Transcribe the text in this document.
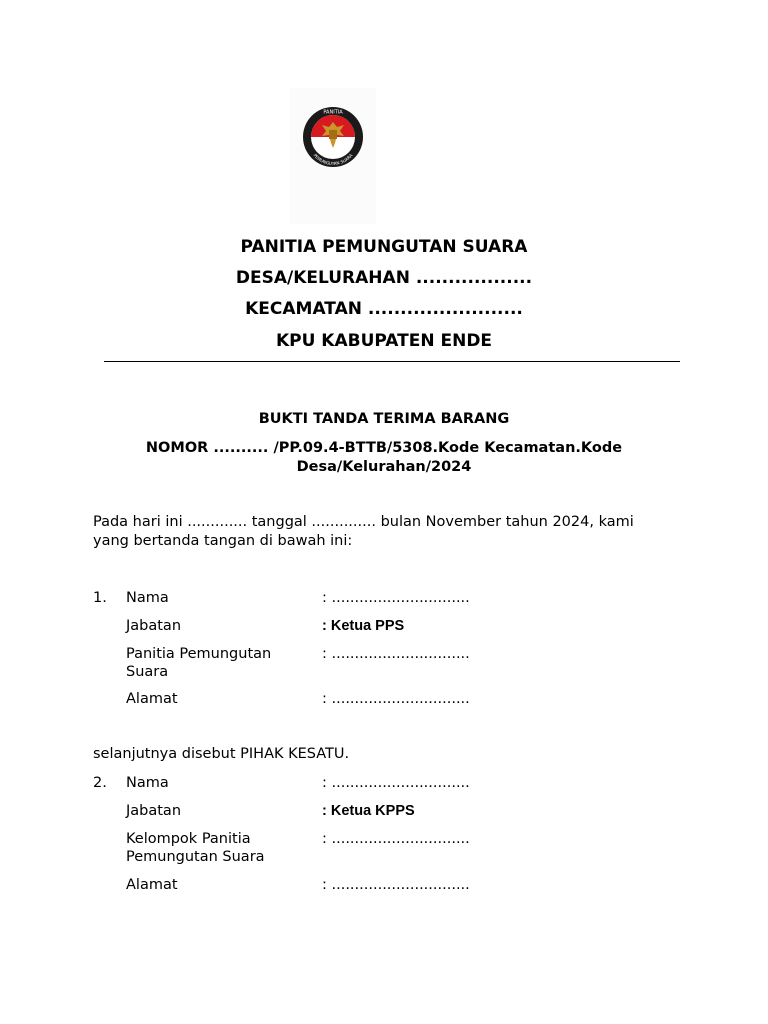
PANITIA
PEMUNGUTAN SUARA
PANITIA PEMUNGUTAN SUARA
DESA/KELURAHAN ..................
KECAMATAN ........................
KPU KABUPATEN ENDE
BUKTI TANDA TERIMA BARANG
NOMOR .......... /PP.09.4-BTTB/5308.Kode Kecamatan.Kode Desa/Kelurahan/2024
Pada hari ini ............. tanggal .............. bulan November tahun 2024, kami yang bertanda tangan di bawah ini:
1. Nama	: ..............................
Jabatan	: Ketua PPS
Panitia Pemungutan Suara
: ..............................
Alamat	: ..............................
selanjutnya disebut PIHAK KESATU.
2. Nama	: ..............................
Jabatan	: Ketua KPPS
Kelompok Panitia Pemungutan Suara
: ..............................
Alamat	: ..............................
